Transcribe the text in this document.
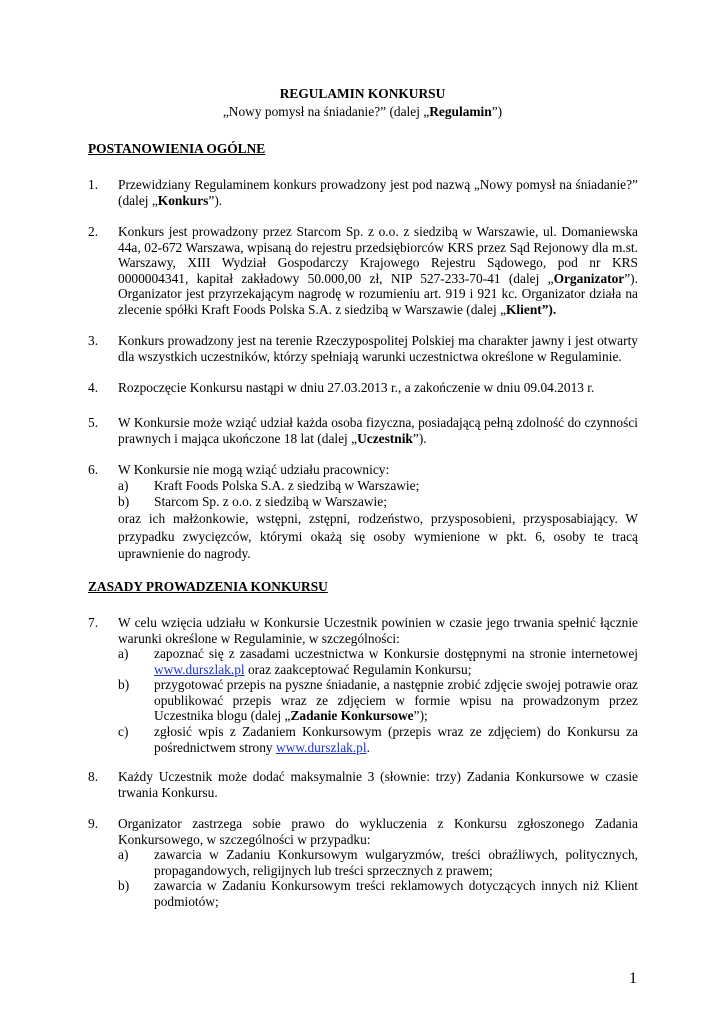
REGULAMIN KONKURSU
„Nowy pomysł na śniadanie?” (dalej „Regulamin”)
POSTANOWIENIA OGÓLNE
1. Przewidziany Regulaminem konkurs prowadzony jest pod nazwą „Nowy pomysł na śniadanie?” (dalej „Konkurs”).
2. Konkurs jest prowadzony przez Starcom Sp. z o.o. z siedzibą w Warszawie, ul. Domaniewska 44a, 02-672 Warszawa, wpisaną do rejestru przedsiębiorców KRS przez Sąd Rejonowy dla m.st. Warszawy, XIII Wydział Gospodarczy Krajowego Rejestru Sądowego, pod nr KRS 0000004341, kapitał zakładowy 50.000,00 zł, NIP 527-233-70-41 (dalej „Organizator”). Organizator jest przyrzekającym nagrodę w rozumieniu art. 919 i 921 kc. Organizator działa na zlecenie spółki Kraft Foods Polska S.A. z siedzibą w Warszawie (dalej „Klient”).
3. Konkurs prowadzony jest na terenie Rzeczypospolitej Polskiej ma charakter jawny i jest otwarty dla wszystkich uczestników, którzy spełniają warunki uczestnictwa określone w Regulaminie.
4. Rozpoczęcie Konkursu nastąpi w dniu 27.03.2013 r., a zakończenie w dniu 09.04.2013 r.
5. W Konkursie może wziąć udział każda osoba fizyczna, posiadającą pełną zdolność do czynności prawnych i mająca ukończone 18 lat (dalej „Uczestnik”).
6. W Konkursie nie mogą wziąć udziału pracownicy:
a) Kraft Foods Polska S.A. z siedzibą w Warszawie;
b) Starcom Sp. z o.o. z siedzibą w Warszawie;
oraz ich małżonkowie, wstępni, zstępni, rodzeństwo, przysposobieni, przysposabiający. W przypadku zwycięzców, którymi okażą się osoby wymienione w pkt. 6, osoby te tracą uprawnienie do nagrody.
ZASADY PROWADZENIA KONKURSU
7. W celu wzięcia udziału w Konkursie Uczestnik powinien w czasie jego trwania spełnić łącznie warunki określone w Regulaminie, w szczególności:
a) zapoznać się z zasadami uczestnictwa w Konkursie dostępnymi na stronie internetowej www.durszlak.pl oraz zaakceptować Regulamin Konkursu;
b) przygotować przepis na pyszne śniadanie, a następnie zrobić zdjęcie swojej potrawie oraz opublikować przepis wraz ze zdjęciem w formie wpisu na prowadzonym przez Uczestnika blogu (dalej „Zadanie Konkursowe”);
c) zgłosić wpis z Zadaniem Konkursowym (przepis wraz ze zdjęciem) do Konkursu za pośrednictwem strony www.durszlak.pl.
8. Każdy Uczestnik może dodać maksymalnie 3 (słownie: trzy) Zadania Konkursowe w czasie trwania Konkursu.
9. Organizator zastrzega sobie prawo do wykluczenia z Konkursu zgłoszonego Zadania Konkursowego, w szczególności w przypadku:
a) zawarcia w Zadaniu Konkursowym wulgaryzmów, treści obraźliwych, politycznych, propagandowych, religijnych lub treści sprzecznych z prawem;
b) zawarcia w Zadaniu Konkursowym treści reklamowych dotyczących innych niż Klient podmiotów;
1
